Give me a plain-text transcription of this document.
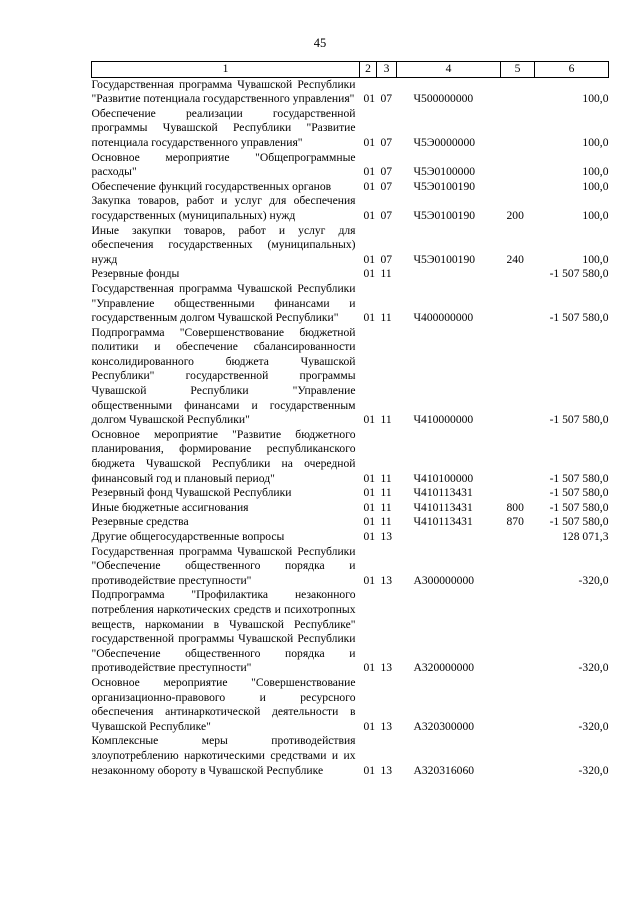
45
1	2	3	4	5	6
Государственная программа Чувашской Республики "Развитие потенциала государственного управления"	01	07	Ч500000000		100,0
Обеспечение реализации государственной программы Чувашской Республики "Развитие потенциала государственного управления"	01	07	Ч5Э0000000		100,0
Основное мероприятие "Общепрограммные расходы"	01	07	Ч5Э0100000		100,0
Обеспечение функций государственных органов	01	07	Ч5Э0100190		100,0
Закупка товаров, работ и услуг для обеспечения государственных (муниципальных) нужд	01	07	Ч5Э0100190	200	100,0
Иные закупки товаров, работ и услуг для обеспечения государственных (муниципальных) нужд	01	07	Ч5Э0100190	240	100,0
Резервные фонды	01	11			-1 507 580,0
Государственная программа Чувашской Республики "Управление общественными финансами и государственным долгом Чувашской Республики"	01	11	Ч400000000		-1 507 580,0
Подпрограмма "Совершенствование бюджетной политики и обеспечение сбалансированности консолидированного бюджета Чувашской Республики" государственной программы Чувашской Республики "Управление общественными финансами и государственным долгом Чувашской Республики"	01	11	Ч410000000		-1 507 580,0
Основное мероприятие "Развитие бюджетного планирования, формирование республиканского бюджета Чувашской Республики на очередной финансовый год и плановый период"	01	11	Ч410100000		-1 507 580,0
Резервный фонд Чувашской Республики	01	11	Ч410113431		-1 507 580,0
Иные бюджетные ассигнования	01	11	Ч410113431	800	-1 507 580,0
Резервные средства	01	11	Ч410113431	870	-1 507 580,0
Другие общегосударственные вопросы	01	13			128 071,3
Государственная программа Чувашской Республики "Обеспечение общественного порядка и противодействие преступности"	01	13	А300000000		-320,0
Подпрограмма "Профилактика незаконного потребления наркотических средств и психотропных веществ, наркомании в Чувашской Республике" государственной программы Чувашской Республики "Обеспечение общественного порядка и противодействие преступности"	01	13	А320000000		-320,0
Основное мероприятие "Совершенствование организационно-правового и ресурсного обеспечения антинаркотической деятельности в Чувашской Республике"	01	13	А320300000		-320,0
Комплексные меры противодействия злоупотреблению наркотическими средствами и их незаконному обороту в Чувашской Республике	01	13	А320316060		-320,0
